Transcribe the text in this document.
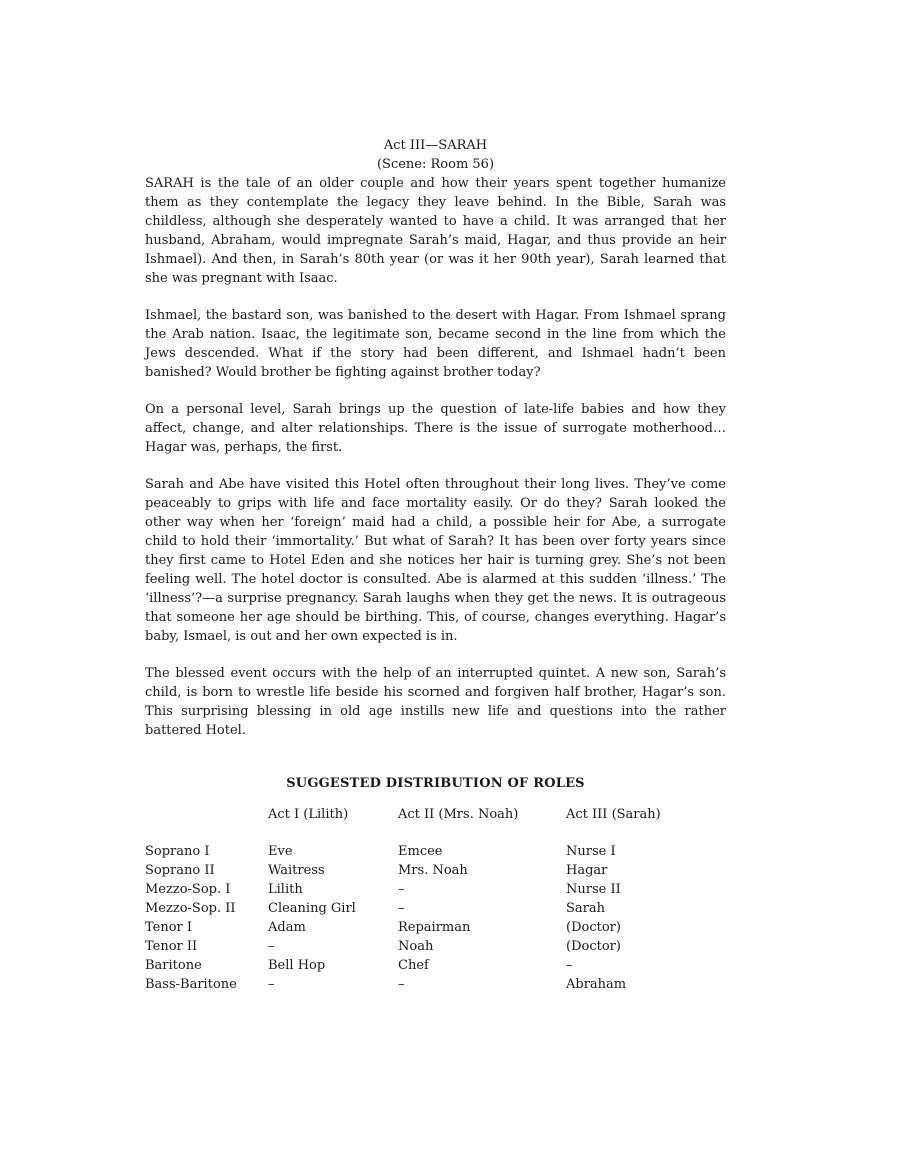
Act III—SARAH

(Scene: Room 56)

SARAH is the tale of an older couple and how their years spent together humanize them as they contemplate the legacy they leave behind. In the Bible, Sarah was childless, although she desperately wanted to have a child. It was arranged that her husband, Abraham, would impregnate Sarah’s maid, Hagar, and thus provide an heir Ishmael). And then, in Sarah’s 80th year (or was it her 90th year), Sarah learned that she was pregnant with Isaac.

Ishmael, the bastard son, was banished to the desert with Hagar. From Ishmael sprang the Arab nation. Isaac, the legitimate son, became second in the line from which the Jews descended. What if the story had been different, and Ishmael hadn’t been banished? Would brother be fighting against brother today?

On a personal level, Sarah brings up the question of late-life babies and how they affect, change, and alter relationships. There is the issue of surrogate motherhood… Hagar was, perhaps, the first.

Sarah and Abe have visited this Hotel often throughout their long lives. They’ve come peaceably to grips with life and face mortality easily. Or do they? Sarah looked the other way when her ‘foreign’ maid had a child, a possible heir for Abe, a surrogate child to hold their ‘immortality.’ But what of Sarah? It has been over forty years since they first came to Hotel Eden and she notices her hair is turning grey. She’s not been feeling well. The hotel doctor is consulted. Abe is alarmed at this sudden ‘illness.’ The ‘illness’?—a surprise pregnancy. Sarah laughs when they get the news. It is outrageous that someone her age should be birthing. This, of course, changes everything. Hagar’s baby, Ismael, is out and her own expected is in.

The blessed event occurs with the help of an interrupted quintet. A new son, Sarah’s child, is born to wrestle life beside his scorned and forgiven half brother, Hagar’s son. This surprising blessing in old age instills new life and questions into the rather battered Hotel.

SUGGESTED DISTRIBUTION OF ROLES
	Act I (Lilith)	Act II (Mrs. Noah)	Act III (Sarah)
Soprano I	Eve	Emcee	Nurse I
Soprano II	Waitress	Mrs. Noah	Hagar
Mezzo-Sop. I	Lilith	–	Nurse II
Mezzo-Sop. II	Cleaning Girl	–	Sarah
Tenor I	Adam	Repairman	(Doctor)
Tenor II	–	Noah	(Doctor)
Baritone	Bell Hop	Chef	–
Bass-Baritone	–	–	Abraham
